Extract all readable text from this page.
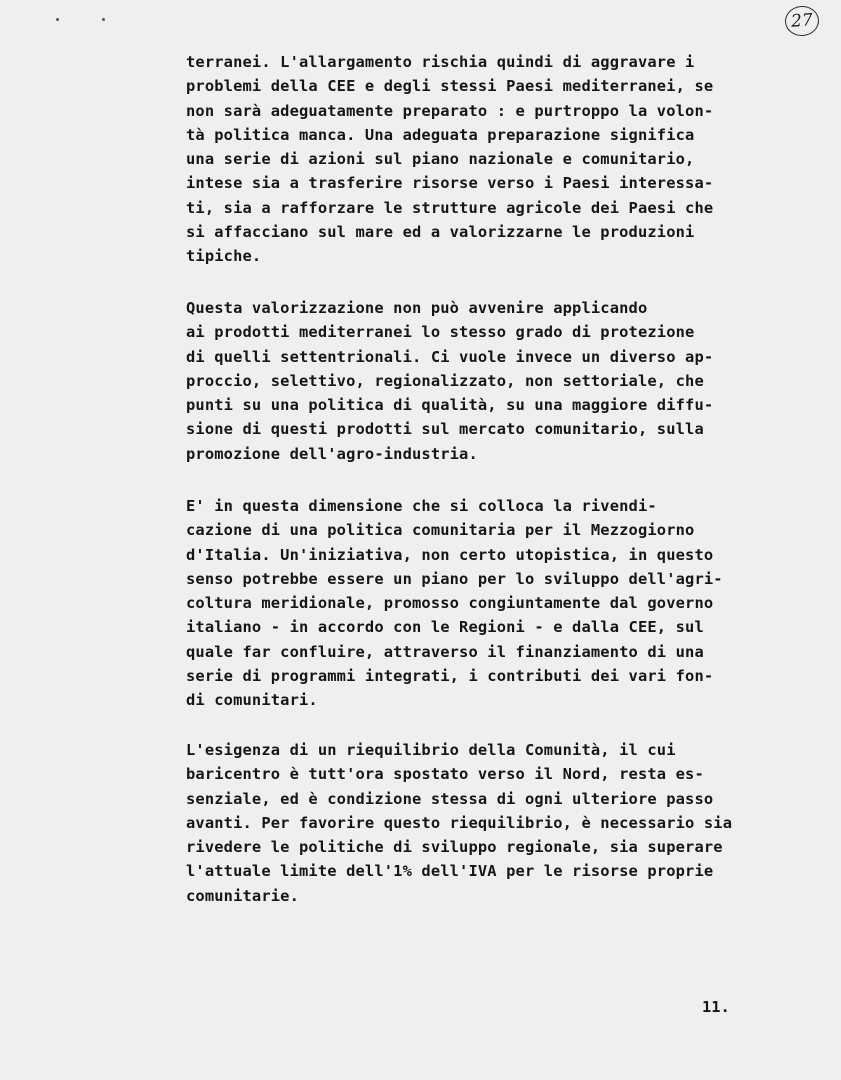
27

terranei. L'allargamento rischia quindi di aggravare i
problemi della CEE e degli stessi Paesi mediterranei, se
non sarà adeguatamente preparato : e purtroppo la volon-
tà politica manca. Una adeguata preparazione significa
una serie di azioni sul piano nazionale e comunitario,
intese sia a trasferire risorse verso i Paesi interessa-
ti, sia a rafforzare le strutture agricole dei Paesi che
si affacciano sul mare ed a valorizzarne le produzioni
tipiche.

Questa valorizzazione non può avvenire applicando
ai prodotti mediterranei lo stesso grado di protezione
di quelli settentrionali. Ci vuole invece un diverso ap-
proccio, selettivo, regionalizzato, non settoriale, che
punti su una politica di qualità, su una maggiore diffu-
sione di questi prodotti sul mercato comunitario, sulla
promozione dell'agro-industria.

E' in questa dimensione che si colloca la rivendi-
cazione di una politica comunitaria per il Mezzogiorno
d'Italia. Un'iniziativa, non certo utopistica, in questo
senso potrebbe essere un piano per lo sviluppo dell'agri-
coltura meridionale, promosso congiuntamente dal governo
italiano - in accordo con le Regioni - e dalla CEE, sul
quale far confluire, attraverso il finanziamento di una
serie di programmi integrati, i contributi dei vari fon-
di comunitari.

L'esigenza di un riequilibrio della Comunità, il cui
baricentro è tutt'ora spostato verso il Nord, resta es-
senziale, ed è condizione stessa di ogni ulteriore passo
avanti. Per favorire questo riequilibrio, è necessario sia
rivedere le politiche di sviluppo regionale, sia superare
l'attuale limite dell'1% dell'IVA per le risorse proprie
comunitarie.

11.
